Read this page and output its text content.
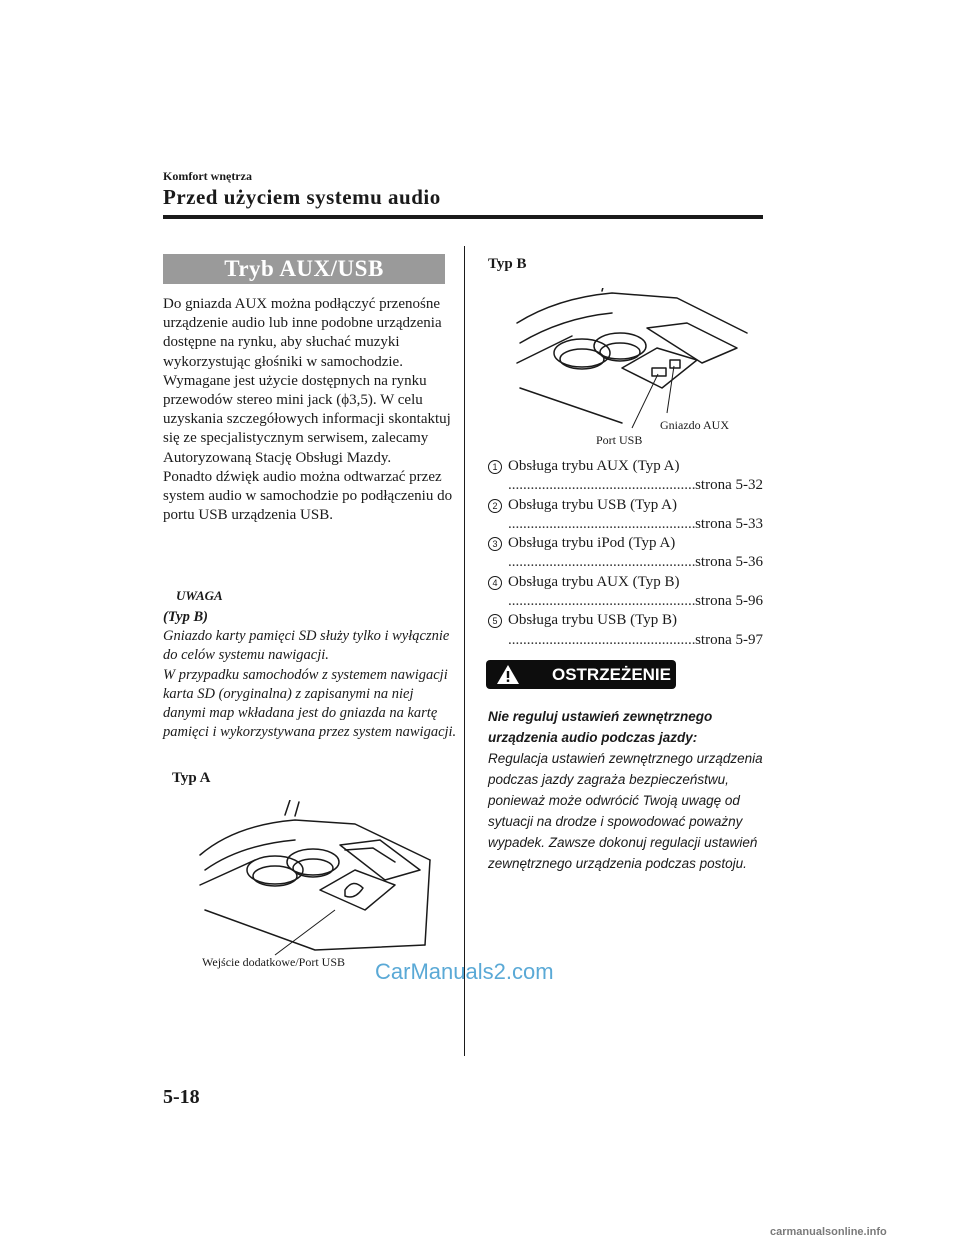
Komfort wnętrza
Przed użyciem systemu audio
Tryb AUX/USB

Do gniazda AUX można podłączyć przenośne urządzenie audio lub inne podobne urządzenia dostępne na rynku, aby słuchać muzyki wykorzystując głośniki w samochodzie.

Wymagane jest użycie dostępnych na rynku przewodów stereo mini jack (ϕ3,5). W celu uzyskania szczegółowych informacji skontaktuj się ze specjalistycznym serwisem, zalecamy Autoryzowaną Stację Obsługi Mazdy.

Ponadto dźwięk audio można odtwarzać przez system audio w samochodzie po podłączeniu do portu USB urządzenia USB.

UWAGA

(Typ B)

Gniazdo karty pamięci SD służy tylko i wyłącznie do celów systemu nawigacji.

W przypadku samochodów z systemem nawigacji karta SD (oryginalna) z zapisanymi na niej danymi map wkładana jest do gniazda na kartę pamięci i wykorzystywana przez system nawigacji.

Typ A
Wejście dodatkowe/Port USB
Typ B
Gniazdo AUX
Port USB
1 Obsługa trybu AUX (Typ A)
.....
strona 5-32
2 Obsługa trybu USB (Typ A)
.....
strona 5-33
3 Obsługa trybu iPod (Typ A)
.....
strona 5-36
4 Obsługa trybu AUX (Typ B)
.....
strona 5-96
5 Obsługa trybu USB (Typ B)
.....
strona 5-97
OSTRZEŻENIE

Nie reguluj ustawień zewnętrznego urządzenia audio podczas jazdy:

Regulacja ustawień zewnętrznego urządzenia podczas jazdy zagraża bezpieczeństwu, ponieważ może odwrócić Twoją uwagę od sytuacji na drodze i spowodować poważny wypadek. Zawsze dokonuj regulacji ustawień zewnętrznego urządzenia podczas postoju.

5-18
CarManuals2.com
carmanualsonline.info
